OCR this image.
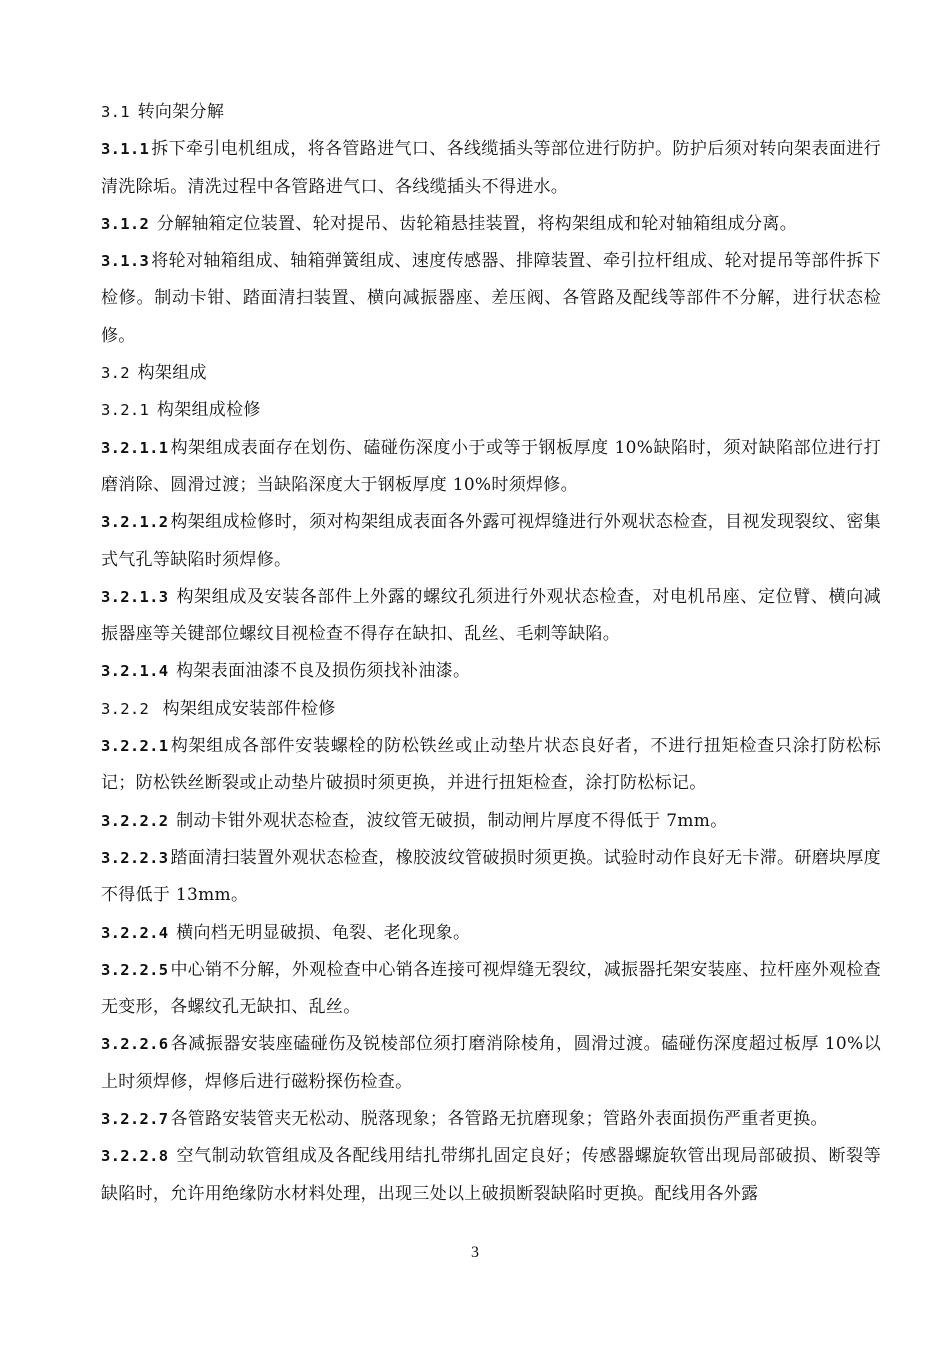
3.1 转向架分解

3.1.1 拆下牵引电机组成，将各管路进气口、各线缆插头等部位进行防护。防护后须对转向架表面进行清洗除垢。清洗过程中各管路进气口、各线缆插头不得进水。

3.1.2 分解轴箱定位装置、轮对提吊、齿轮箱悬挂装置，将构架组成和轮对轴箱组成分离。

3.1.3 将轮对轴箱组成、轴箱弹簧组成、速度传感器、排障装置、牵引拉杆组成、轮对提吊等部件拆下检修。制动卡钳、踏面清扫装置、横向减振器座、差压阀、各管路及配线等部件不分解，进行状态检修。

3.2 构架组成

3.2.1 构架组成检修

3.2.1.1 构架组成表面存在划伤、磕碰伤深度小于或等于钢板厚度 10%缺陷时，须对缺陷部位进行打磨消除、圆滑过渡；当缺陷深度大于钢板厚度 10%时须焊修。

3.2.1.2 构架组成检修时，须对构架组成表面各外露可视焊缝进行外观状态检查，目视发现裂纹、密集式气孔等缺陷时须焊修。

3.2.1.3 构架组成及安装各部件上外露的螺纹孔须进行外观状态检查，对电机吊座、定位臂、横向减振器座等关键部位螺纹目视检查不得存在缺扣、乱丝、毛刺等缺陷。

3.2.1.4 构架表面油漆不良及损伤须找补油漆。

3.2.2 构架组成安装部件检修

3.2.2.1 构架组成各部件安装螺栓的防松铁丝或止动垫片状态良好者，不进行扭矩检查只涂打防松标记；防松铁丝断裂或止动垫片破损时须更换，并进行扭矩检查，涂打防松标记。

3.2.2.2 制动卡钳外观状态检查，波纹管无破损，制动闸片厚度不得低于 7mm。

3.2.2.3 踏面清扫装置外观状态检查，橡胶波纹管破损时须更换。试验时动作良好无卡滞。研磨块厚度不得低于 13mm。

3.2.2.4 横向档无明显破损、龟裂、老化现象。

3.2.2.5 中心销不分解，外观检查中心销各连接可视焊缝无裂纹，减振器托架安装座、拉杆座外观检查无变形，各螺纹孔无缺扣、乱丝。

3.2.2.6 各减振器安装座磕碰伤及锐棱部位须打磨消除棱角，圆滑过渡。磕碰伤深度超过板厚 10%以上时须焊修，焊修后进行磁粉探伤检查。

3.2.2.7 各管路安装管夹无松动、脱落现象；各管路无抗磨现象；管路外表面损伤严重者更换。

3.2.2.8 空气制动软管组成及各配线用结扎带绑扎固定良好；传感器螺旋软管出现局部破损、断裂等缺陷时，允许用绝缘防水材料处理，出现三处以上破损断裂缺陷时更换。配线用各外露

3
